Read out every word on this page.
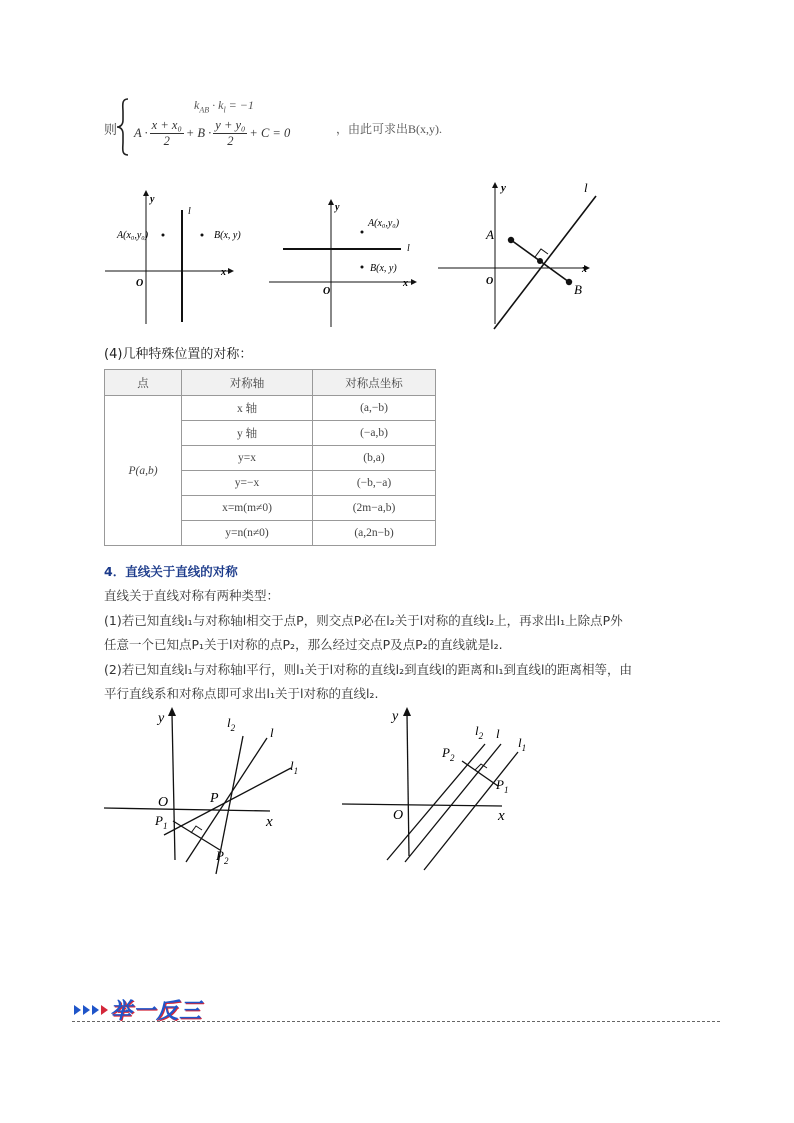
则
$k_{AB} \cdot k_l = -1$
A ·
x + x₀
2
+ B ·
y + y₀
2
+ C = 0	，由此可求出B(x,y).
y
x
O
l
A(x₀,y₀)	B(x, y)
y
x
O
l
A(x₀,y₀)
B(x, y)
y
x
O
l
A
B
(4)几种特殊位置的对称：
点	对称轴	对称点坐标
P(a,b)	x 轴	(a,−b)
	y 轴	(−a,b)
	y=x	(b,a)
	y=−x	(−b,−a)
	x=m(m≠0)	(2m−a,b)
	y=n(n≠0)	(a,2n−b)
4．直线关于直线的对称
直线关于直线对称有两种类型：
(1)若已知直线l₁与对称轴l相交于点P，则交点P必在l₂关于l对称的直线l₂上，再求出l₁上除点P外
任意一个已知点P₁关于l对称的点P₂，那么经过交点P及点P₂的直线就是l₂.
(2)若已知直线l₁与对称轴l平行，则l₁关于l对称的直线l₂到直线l的距离和l₁到直线l的距离相等，由
平行直线系和对称点即可求出l₁关于l对称的直线l₂.
y
x
O
$l_2$	l
$l_1$
P
$P_1$
$P_2$
y
x
O
$l_2$ l
$l_1$
$P_2$
$P_1$
举一反三
